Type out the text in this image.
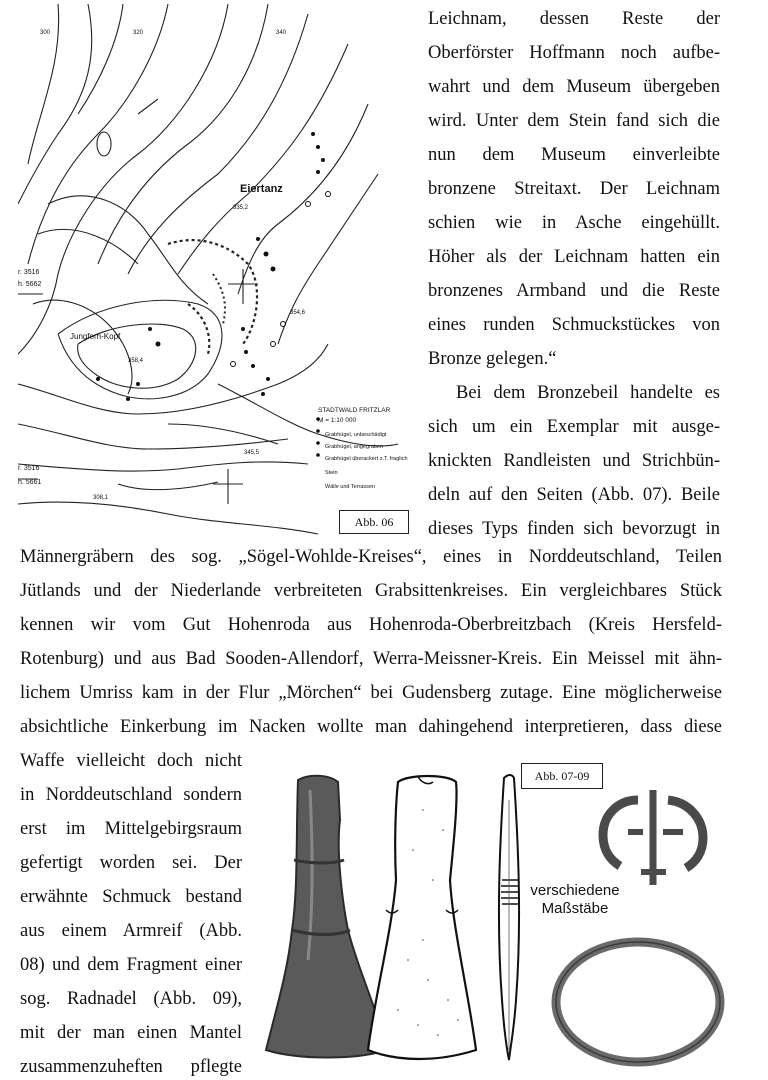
Eiertanz
Jungfern-Kopf
r. 3516
h. 5662
r. 3516
h. 5661
335,2
354,6
358,4
345,5
308,1
300	320	340
STADTWALD FRITZLAR
M = 1:10 000
Grabhügel, unbeschädigt
Grabhügel, angegraben
Grabhügel überackert z.T. fraglich
Stein
Wälle und Terrassen
Abb. 06
Leichnam, dessen Reste der
Oberförster Hoffmann noch aufbe-
wahrt und dem Museum übergeben
wird. Unter dem Stein fand sich die
nun dem Museum einverleibte
bronzene Streitaxt. Der Leichnam
schien wie in Asche eingehüllt.
Höher als der Leichnam hatten ein
bronzenes Armband und die Reste
eines runden Schmuckstückes von
Bronze gelegen.“
Bei dem Bronzebeil handelte es
sich um ein Exemplar mit ausge-
knickten Randleisten und Strichbün-
deln auf den Seiten (Abb. 07). Beile
dieses Typs finden sich bevorzugt in
Männergräbern des sog. „Sögel-Wohlde-Kreises“, eines in Norddeutschland, Teilen
Jütlands und der Niederlande verbreiteten Grabsittenkreises. Ein vergleichbares Stück
kennen wir vom Gut Hohenroda aus Hohenroda-Oberbreitzbach (Kreis Hersfeld-
Rotenburg) und aus Bad Sooden-Allendorf, Werra-Meissner-Kreis. Ein Meissel mit ähn-
lichem Umriss kam in der Flur „Mörchen“ bei Gudensberg zutage. Eine möglicherweise
absichtliche Einkerbung im Nacken wollte man dahingehend interpretieren, dass diese
Waffe vielleicht doch nicht
in Norddeutschland sondern
erst im Mittelgebirgsraum
gefertigt worden sei. Der
erwähnte Schmuck bestand
aus einem Armreif (Abb.
08) und dem Fragment einer
sog. Radnadel (Abb. 09),
mit der man einen Mantel
zusammenzuheften pflegte
Abb. 07-09
verschiedene
Maßstäbe
